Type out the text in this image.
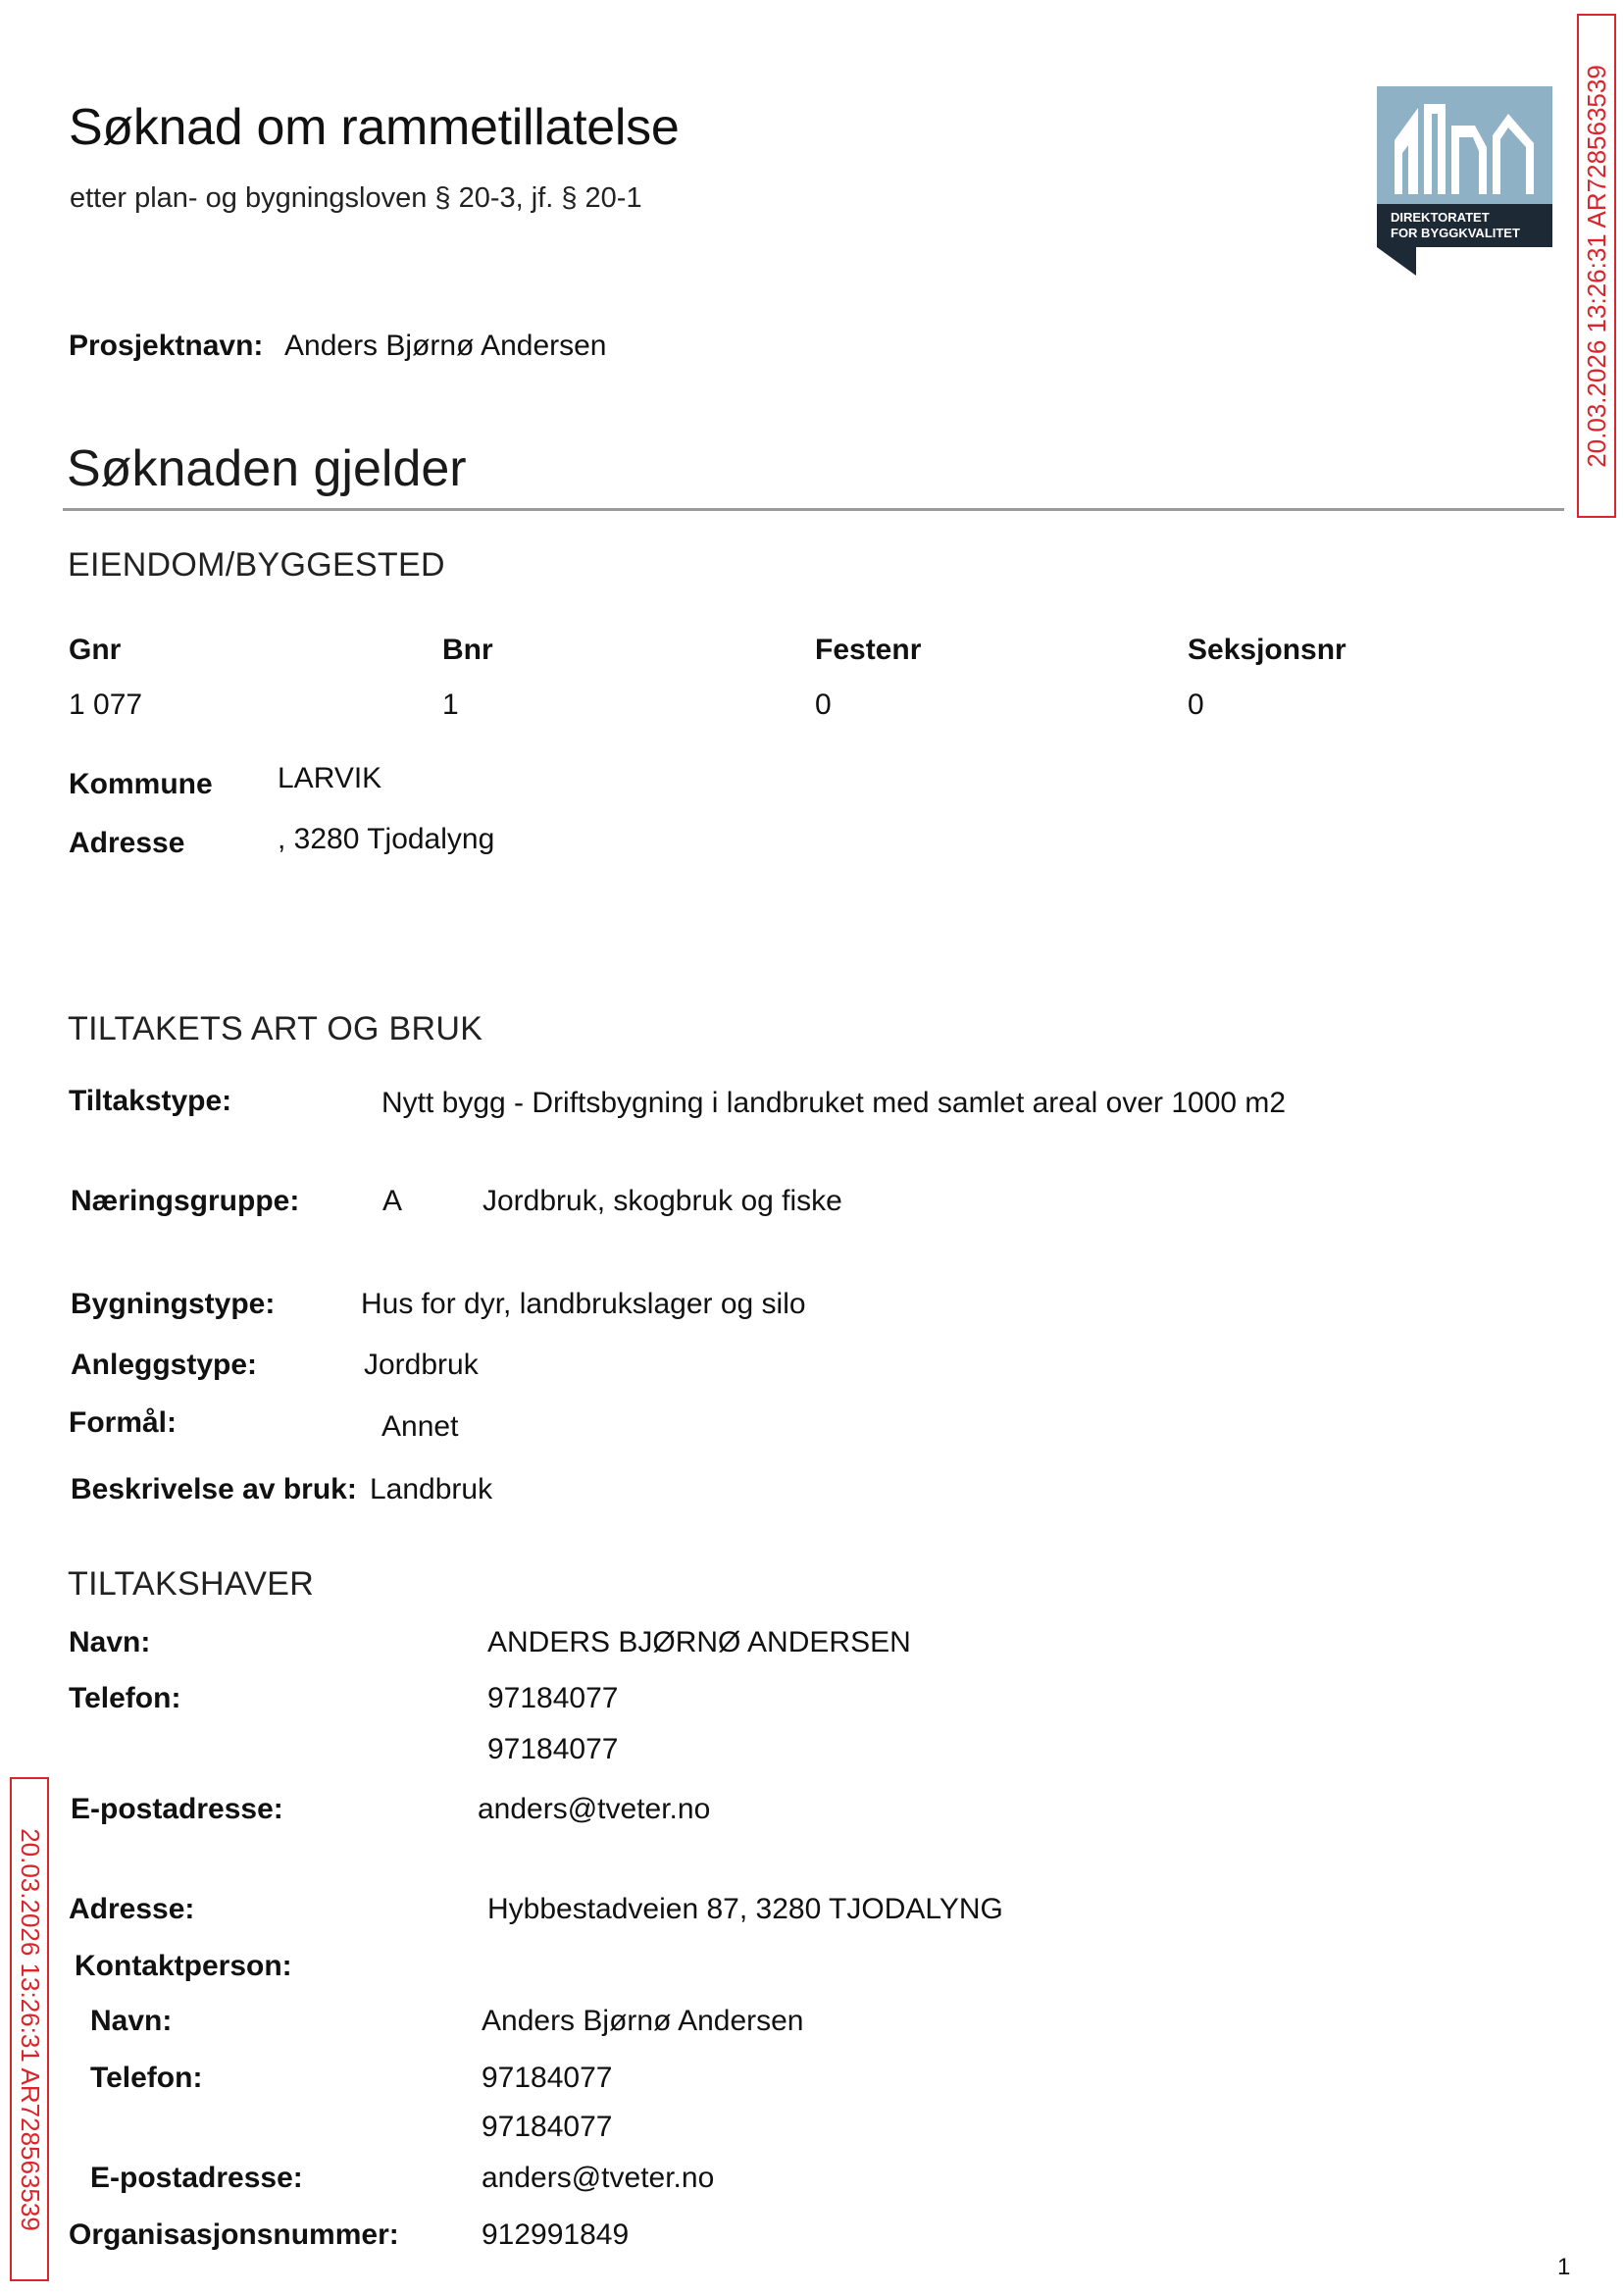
Søknad om rammetillatelse
etter plan- og bygningsloven § 20-3, jf. § 20-1
DIREKTORATET
FOR BYGGKVALITET 20.03.2026 13:26:31 AR728563539
Prosjektnavn: Anders Bjørnø Andersen
Søknaden gjelder
EIENDOM/BYGGESTED
Gnr	Bnr	Festenr	Seksjonsnr
1 077	1	0	0
Kommune LARVIK
Adresse	, 3280 Tjodalyng
TILTAKETS ART OG BRUK
Tiltakstype:	Nytt bygg - Driftsbygning i landbruket med samlet areal over 1000 m2
Næringsgruppe:	A	Jordbruk, skogbruk og fiske
Bygningstype:	Hus for dyr, landbrukslager og silo
Anleggstype:	Jordbruk
Formål:	Annet
Beskrivelse av bruk: Landbruk
TILTAKSHAVER
Navn:	ANDERS BJØRNØ ANDERSEN
Telefon:	97184077
97184077
E-postadresse:	anders@tveter.no
Adresse:	Hybbestadveien 87, 3280 TJODALYNG
Kontaktperson:
Navn:	Anders Bjørnø Andersen
Telefon:	97184077
97184077
E-postadresse:	anders@tveter.no
Organisasjonsnummer:	912991849
20.03.2026 13:26:31 AR728563539
1
